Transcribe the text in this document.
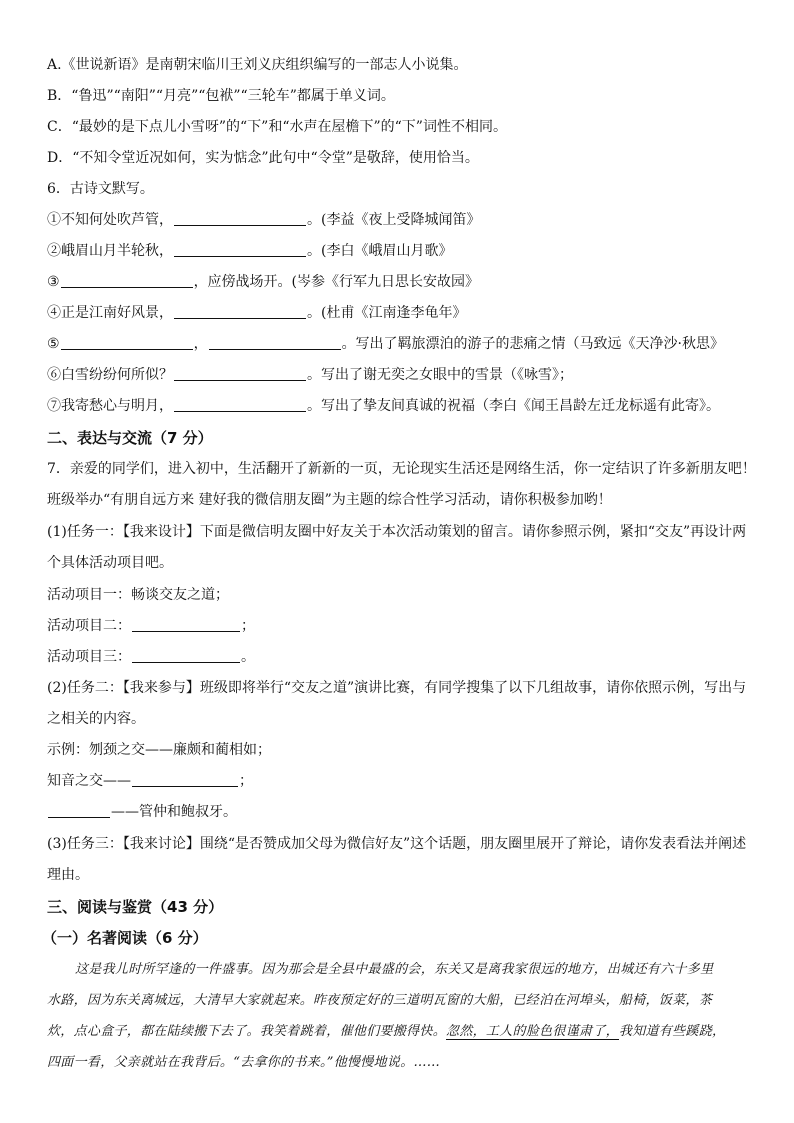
A.《世说新语》是南朝宋临川王刘义庆组织编写的一部志人小说集。
B．“鲁迅”“南阳”“月亮”“包袱”“三轮车”都属于单义词。
C．“最妙的是下点儿小雪呀”的“下”和“水声在屋檐下”的“下”词性不相同。
D．“不知令堂近况如何，实为惦念”此句中“令堂”是敬辞，使用恰当。
6．古诗文默写。
①不知何处吹芦管，	。(李益《夜上受降城闻笛》
②峨眉山月半轮秋，	。(李白《峨眉山月歌》
③	，应傍战场开。(岑参《行军九日思长安故园》
④正是江南好风景，	。(杜甫《江南逢李龟年》
⑤	，	。写出了羁旅漂泊的游子的悲痛之情（马致远《天净沙·秋思》
⑥白雪纷纷何所似？	。写出了谢无奕之女眼中的雪景（《咏雪》；
⑦我寄愁心与明月，	。写出了挚友间真诚的祝福（李白《闻王昌龄左迁龙标遥有此寄》。
二、表达与交流（7 分）
7．亲爱的同学们，进入初中，生活翻开了新新的一页，无论现实生活还是网络生活，你一定结识了许多新朋友吧！
班级举办“有朋自远方来 建好我的微信朋友圈”为主题的综合性学习活动，请你积极参加哟！
(1)任务一：【我来设计】下面是微信明友圈中好友关于本次活动策划的留言。请你参照示例，紧扣“交友”再设计两
个具体活动项目吧。
活动项目一：畅谈交友之道；
活动项目二：	；
活动项目三：	。
(2)任务二：【我来参与】班级即将举行“交友之道”演讲比赛，有同学搜集了以下几组故事，请你依照示例，写出与
之相关的内容。
示例：刎颈之交——廉颇和蔺相如；
知音之交——	；
——管仲和鲍叔牙。
(3)任务三：【我来讨论】围绕“是否赞成加父母为微信好友”这个话题，朋友圈里展开了辩论，请你发表看法并阐述
理由。
三、阅读与鉴赏（43 分）
（一）名著阅读（6 分）
这是我儿时所罕逢的一件盛事。因为那会是全县中最盛的会，东关又是离我家很远的地方，出城还有六十多里
水路，因为东关离城远，大清早大家就起来。昨夜预定好的三道明瓦窗的大船，已经泊在河埠头，船椅，饭菜，茶
炊，点心盒子，都在陆续搬下去了。我笑着跳着，催他们要搬得快。忽然，工人的脸色很谨肃了，我知道有些蹊跷，
四面一看，父亲就站在我背后。“去拿你的书来。”他慢慢地说。……
